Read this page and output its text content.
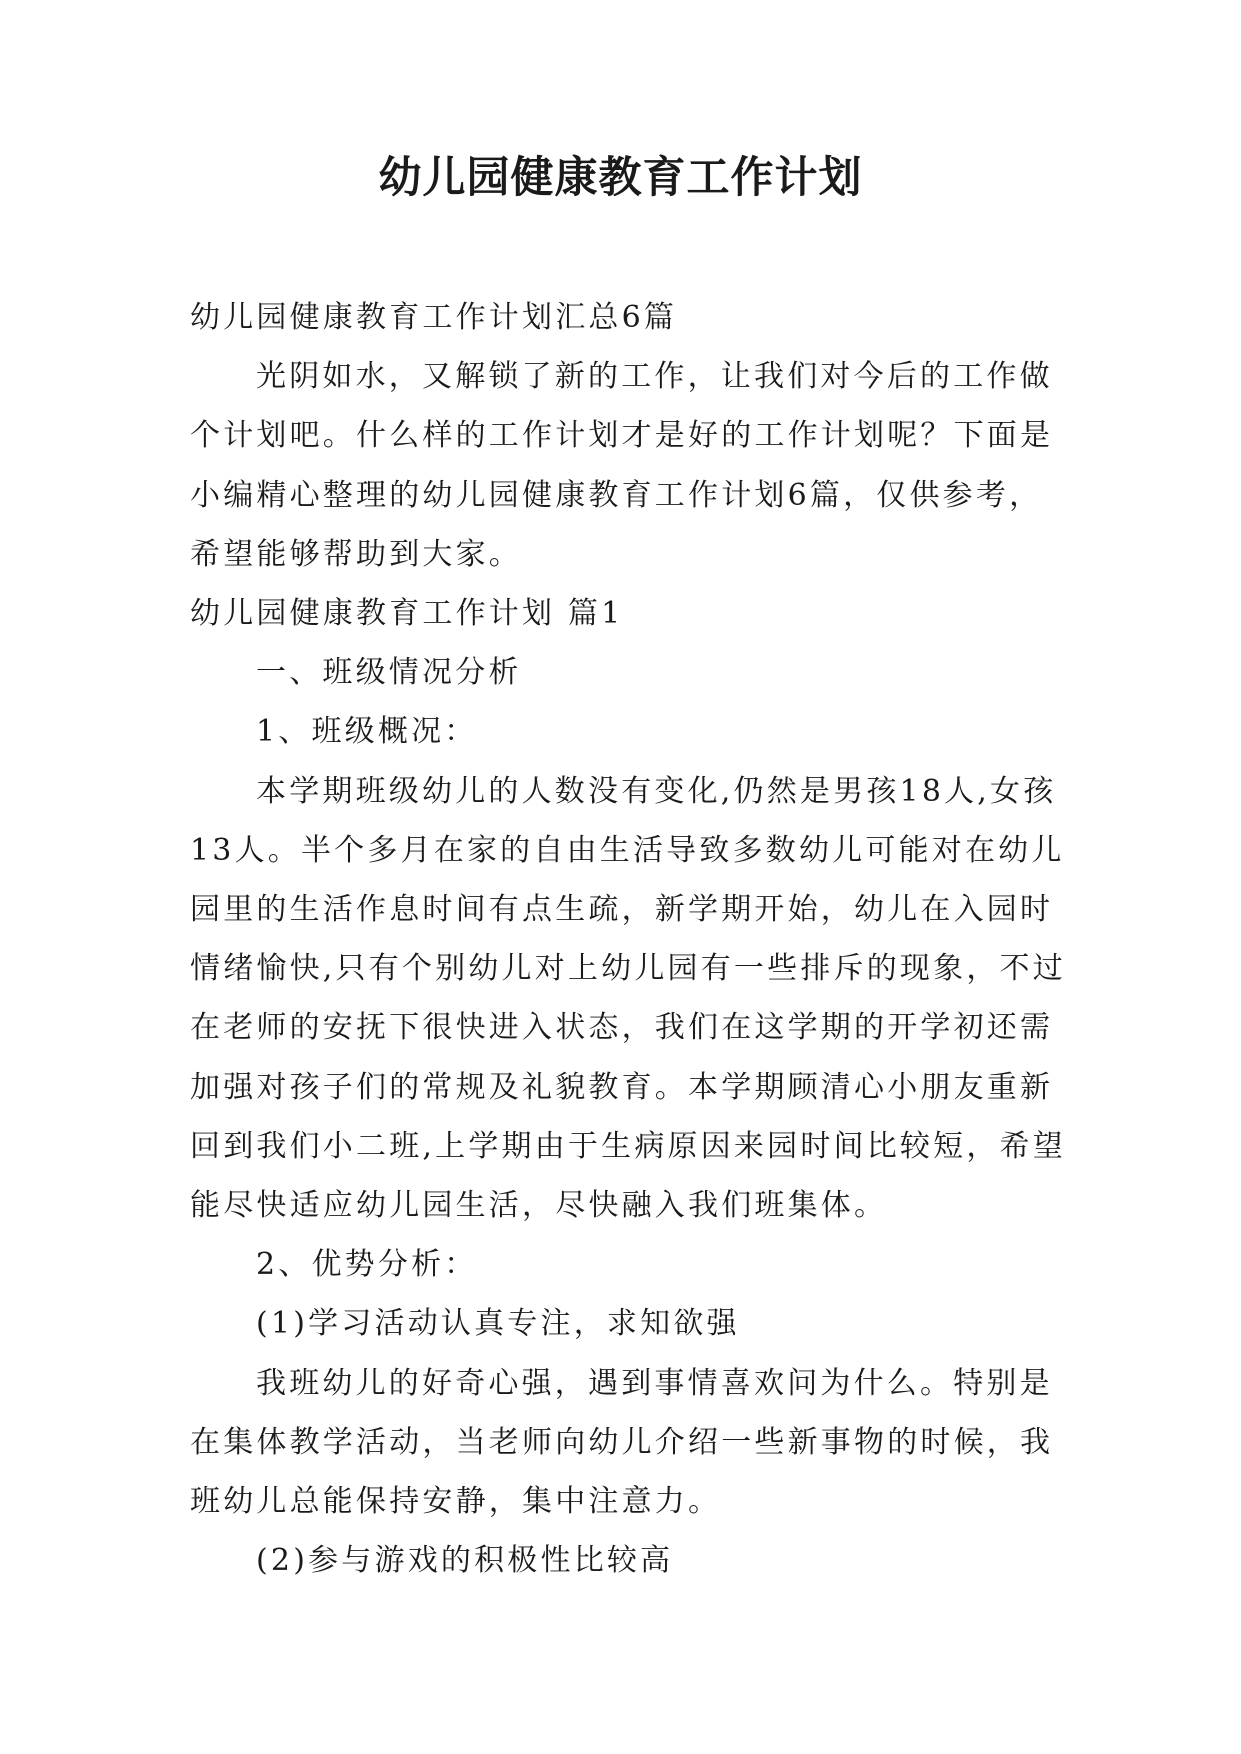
幼儿园健康教育工作计划

幼儿园健康教育工作计划汇总6篇

光阴如水，又解锁了新的工作，让我们对今后的工作做个计划吧。什么样的工作计划才是好的工作计划呢？下面是小编精心整理的幼儿园健康教育工作计划6篇，仅供参考，希望能够帮助到大家。

幼儿园健康教育工作计划 篇1

一、班级情况分析

1、班级概况：

本学期班级幼儿的人数没有变化,仍然是男孩18人,女孩13人。半个多月在家的自由生活导致多数幼儿可能对在幼儿园里的生活作息时间有点生疏，新学期开始，幼儿在入园时情绪愉快,只有个别幼儿对上幼儿园有一些排斥的现象，不过在老师的安抚下很快进入状态，我们在这学期的开学初还需加强对孩子们的常规及礼貌教育。本学期顾清心小朋友重新回到我们小二班,上学期由于生病原因来园时间比较短，希望能尽快适应幼儿园生活，尽快融入我们班集体。

2、优势分析：

(1)学习活动认真专注，求知欲强

我班幼儿的好奇心强，遇到事情喜欢问为什么。特别是在集体教学活动，当老师向幼儿介绍一些新事物的时候，我班幼儿总能保持安静，集中注意力。

(2)参与游戏的积极性比较高
